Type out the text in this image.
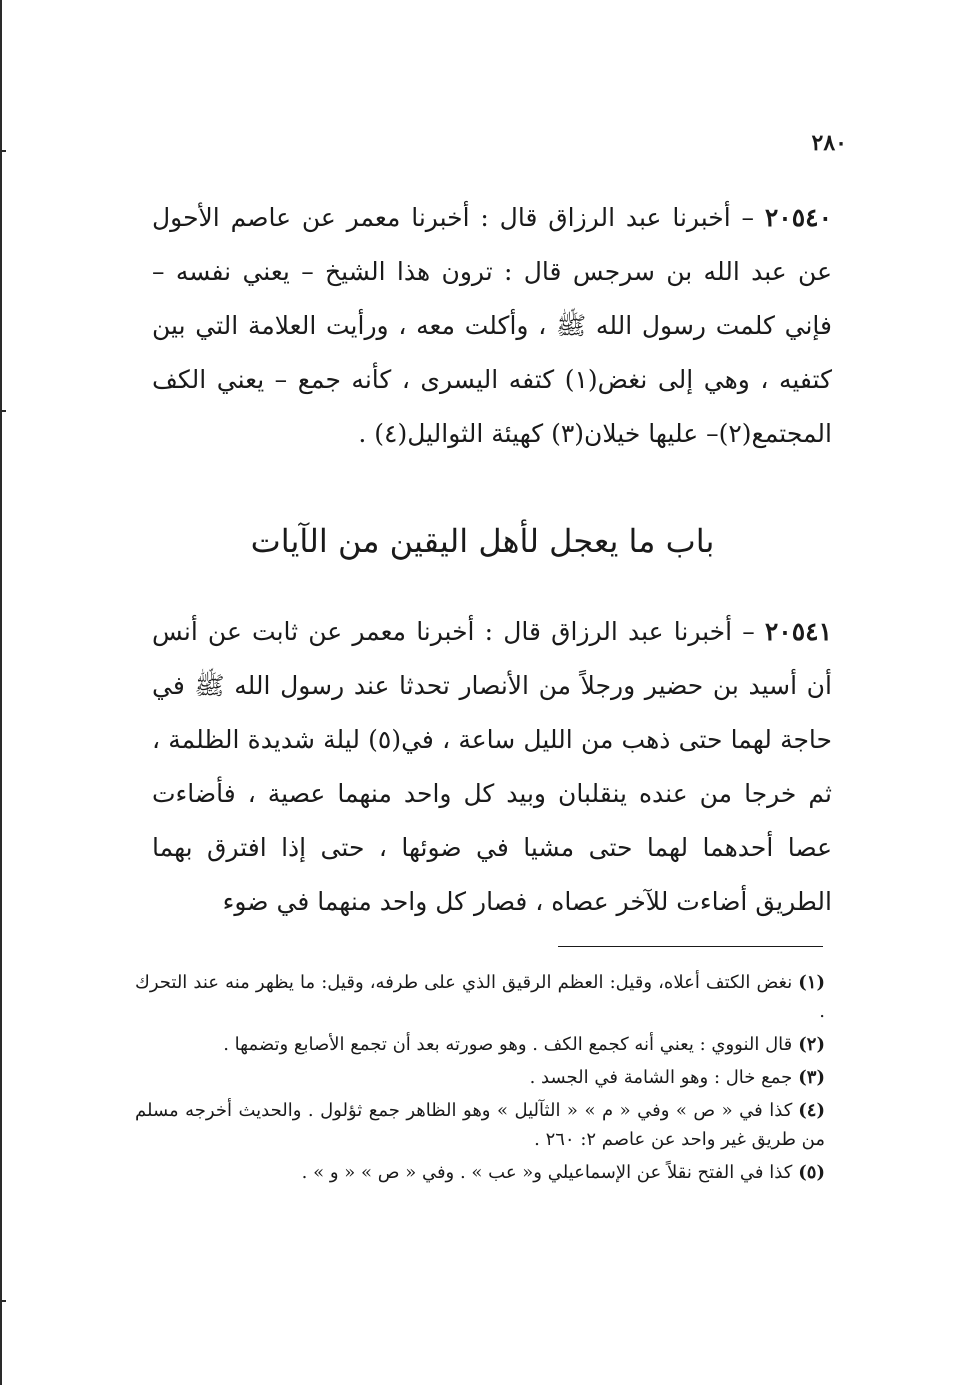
٢٨٠
٢٠٥٤٠ – أخبرنا عبد الرزاق قال : أخبرنا معمر عن عاصم الأحول عن عبد الله بن سرجس قال : ترون هذا الشيخ – يعني نفسه – فإني كلمت رسول الله ﷺ ، وأكلت معه ، ورأيت العلامة التي بين كتفيه ، وهي إلى نغض(١) كتفه اليسرى ، كأنه جمع – يعني الكف المجتمع(٢)– عليها خيلان(٣) كهيئة الثواليل(٤) .
باب ما يعجل لأهل اليقين من الآيات
٢٠٥٤١ – أخبرنا عبد الرزاق قال : أخبرنا معمر عن ثابت عن أنس أن أسيد بن حضير ورجلاً من الأنصار تحدثا عند رسول الله ﷺ في حاجة لهما حتى ذهب من الليل ساعة ، في(٥) ليلة شديدة الظلمة ، ثم خرجا من عنده ينقلبان وبيد كل واحد منهما عصية ، فأضاءت عصا أحدهما لهما حتى مشيا في ضوئها ، حتى إذا افترق بهما الطريق أضاءت للآخر عصاه ، فصار كل واحد منهما في ضوء

(١)نغض الكتف أعلاه، وقيل: العظم الرقيق الذي على طرفه، وقيل: ما يظهر منه عند التحرك .

(٢)قال النووي : يعني أنه كجمع الكف . وهو صورته بعد أن تجمع الأصابع وتضمها .

(٣)جمع خال : وهو الشامة في الجسد .

(٤)كذا في « ص » وفي « م » « الثآليل » وهو الظاهر جمع ثؤلول . والحديث أخرجه مسلم من طريق غير واحد عن عاصم ٢: ٢٦٠ .

(٥)كذا في الفتح نقلاً عن الإسماعيلي و« عب » . وفي « ص » « و » .
